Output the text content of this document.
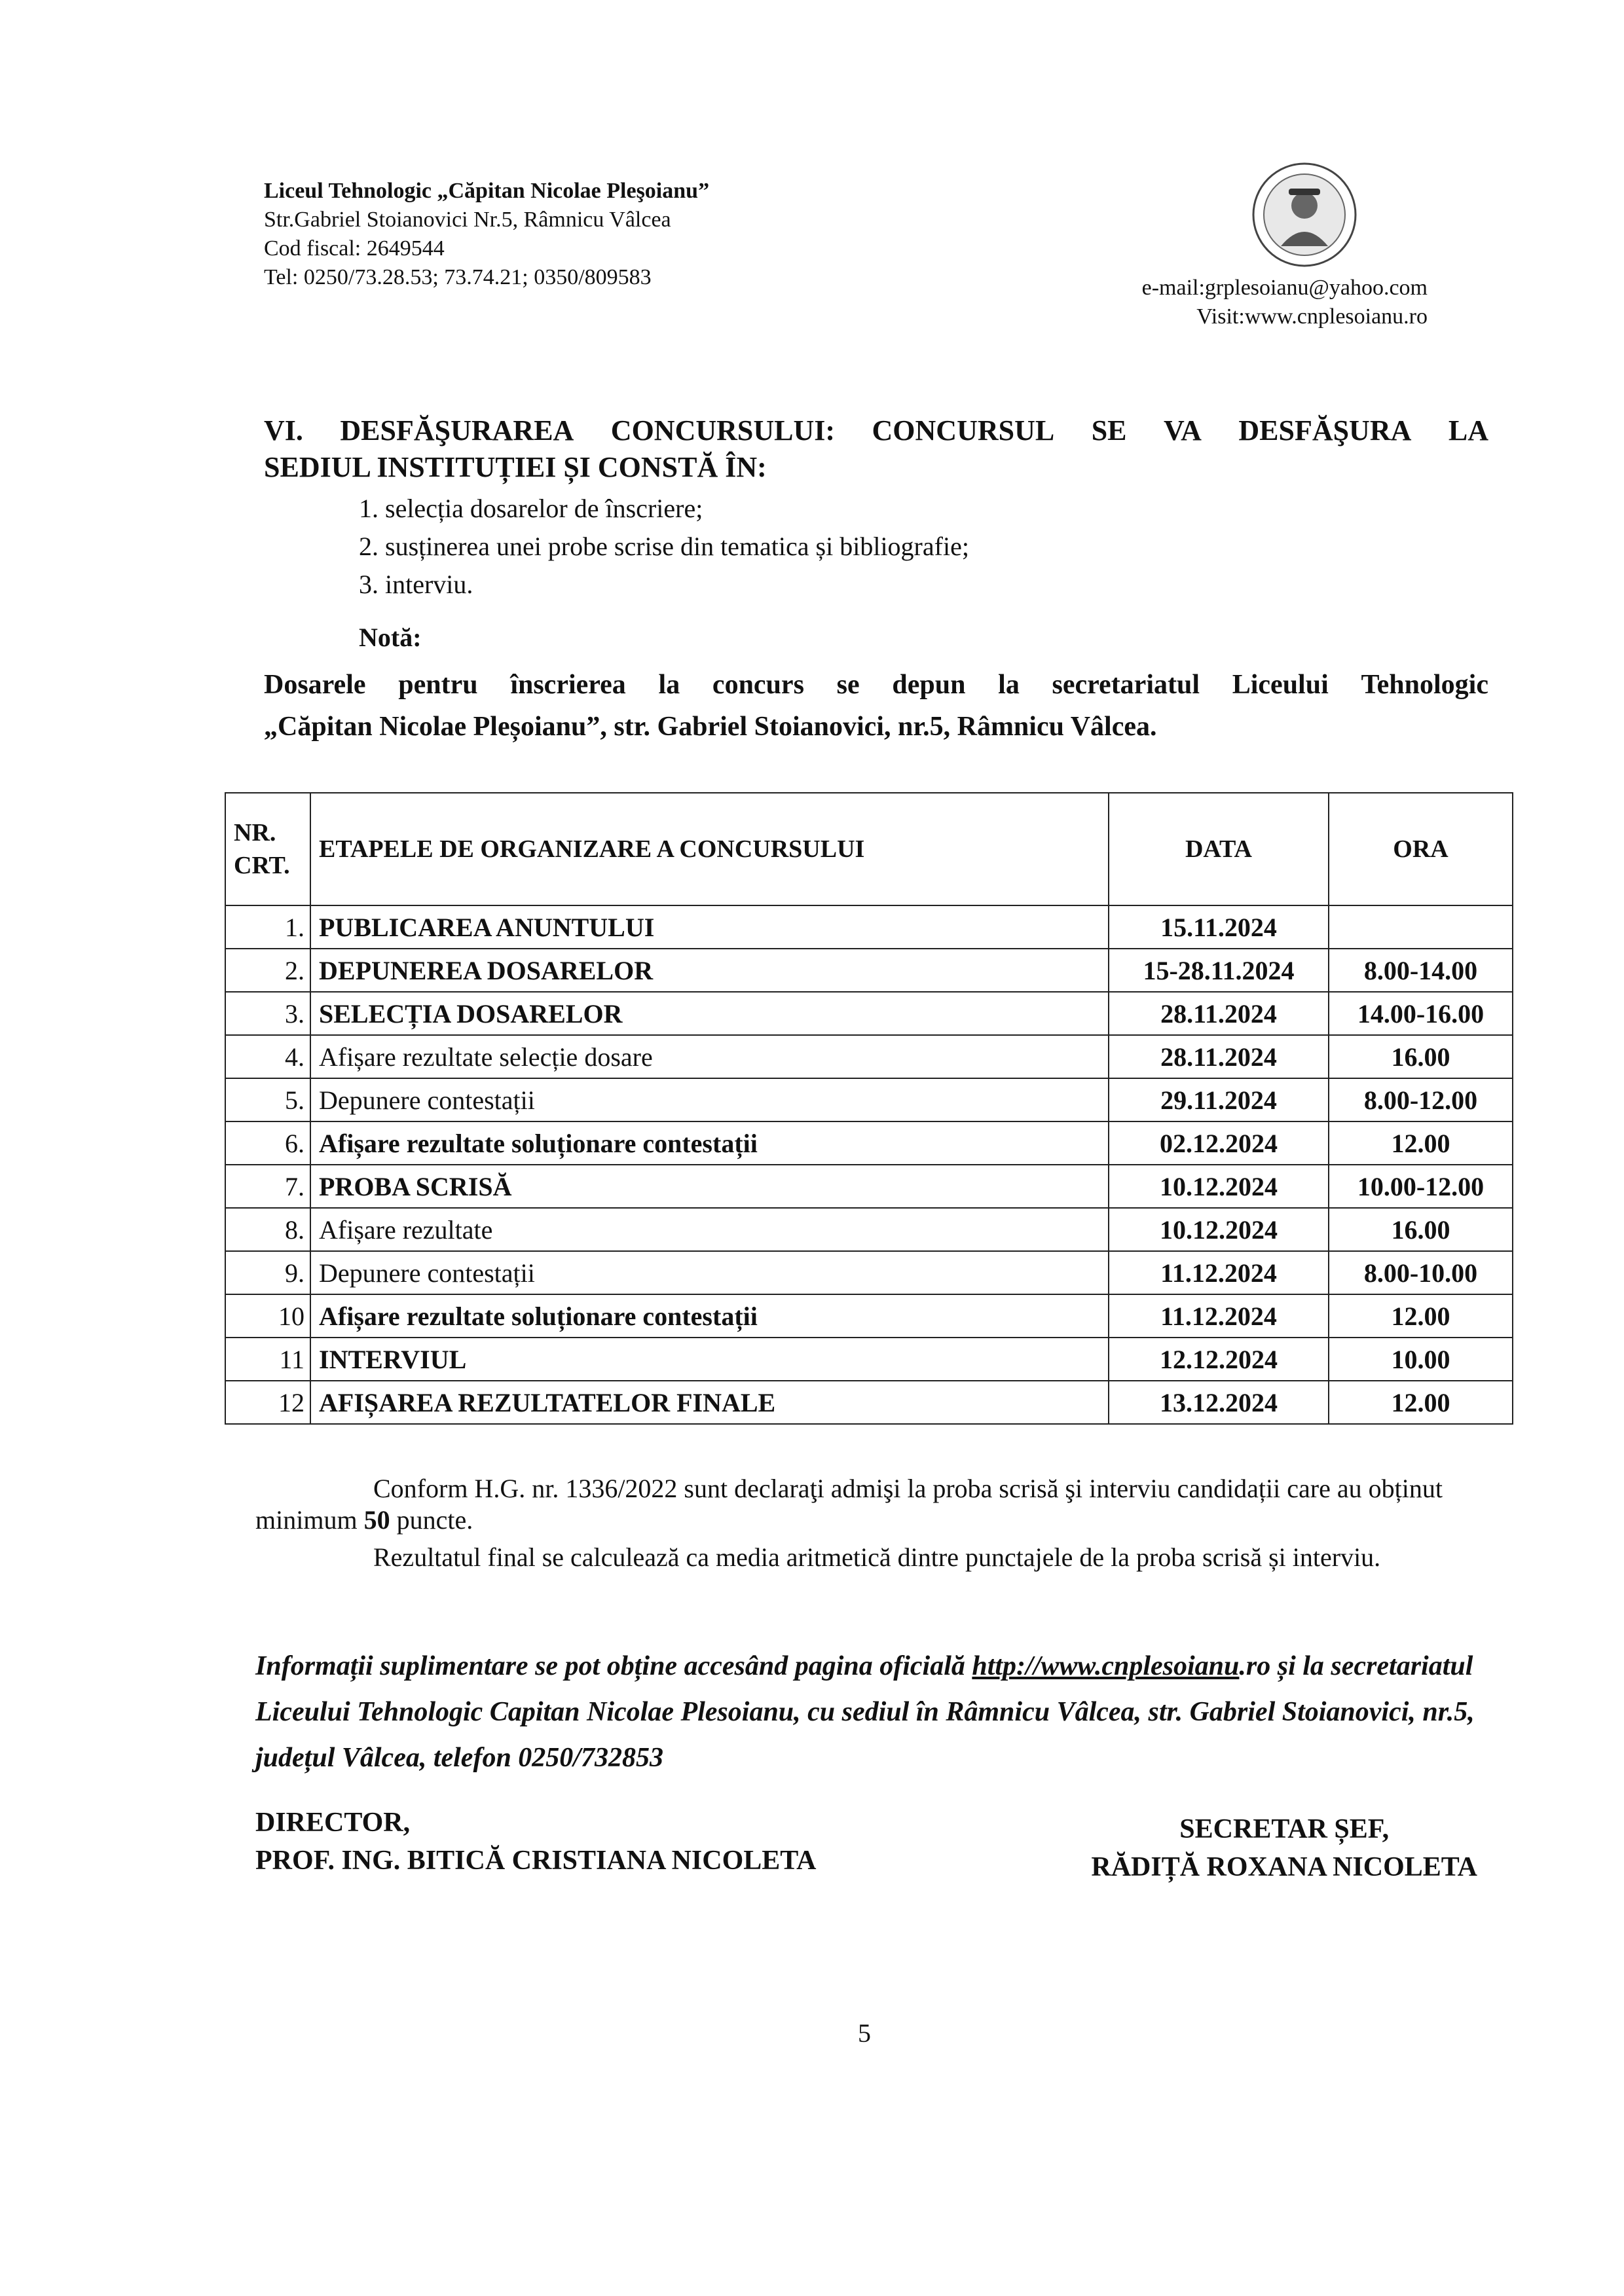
Liceul Tehnologic „Căpitan Nicolae Pleşoianu”
Str.Gabriel Stoianovici Nr.5, Râmnicu Vâlcea
Cod fiscal: 2649544
Tel: 0250/73.28.53; 73.74.21; 0350/809583	e-mail:grplesoianu@yahoo.com
Visit:www.cnplesoianu.ro
VI. DESFĂŞURAREA CONCURSULUI: CONCURSUL SE VA DESFĂŞURA LA
SEDIUL INSTITUȚIEI ȘI CONSTĂ ÎN:
1. selecția dosarelor de înscriere;
2. susținerea unei probe scrise din tematica și bibliografie;
3. interviu.
Notă:
Dosarele pentru înscrierea la concurs se depun la secretariatul Liceului Tehnologic
„Căpitan Nicolae Pleșoianu”, str. Gabriel Stoianovici, nr.5, Râmnicu Vâlcea.
NR. CRT.	ETAPELE DE ORGANIZARE A CONCURSULUI	DATA	ORA
1.	PUBLICAREA ANUNTULUI	15.11.2024	
2.	DEPUNEREA DOSARELOR	15-28.11.2024	8.00-14.00
3.	SELECȚIA DOSARELOR	28.11.2024	14.00-16.00
4.	Afișare rezultate selecție dosare	28.11.2024	16.00
5.	Depunere contestații	29.11.2024	8.00-12.00
6.	Afișare rezultate soluționare contestații	02.12.2024	12.00
7.	PROBA SCRISĂ	10.12.2024	10.00-12.00
8.	Afișare rezultate	10.12.2024	16.00
9.	Depunere contestații	11.12.2024	8.00-10.00
10	Afișare rezultate soluționare contestații	11.12.2024	12.00
11	INTERVIUL	12.12.2024	10.00
12	AFIȘAREA REZULTATELOR FINALE	13.12.2024	12.00
Conform H.G. nr. 1336/2022 sunt declaraţi admişi la proba scrisă şi interviu candidații care au obținut minimum 50 puncte.
Rezultatul final se calculează ca media aritmetică dintre punctajele de la proba scrisă și interviu.
Informații suplimentare se pot obține accesând pagina oficială http://www.cnplesoianu.ro și la secretariatul Liceului Tehnologic Capitan Nicolae Plesoianu, cu sediul în Râmnicu Vâlcea, str. Gabriel Stoianovici, nr.5, județul Vâlcea, telefon 0250/732853
DIRECTOR,
PROF. ING. BITICĂ CRISTIANA NICOLETA
SECRETAR ȘEF,
RĂDIȚĂ ROXANA NICOLETA
5
